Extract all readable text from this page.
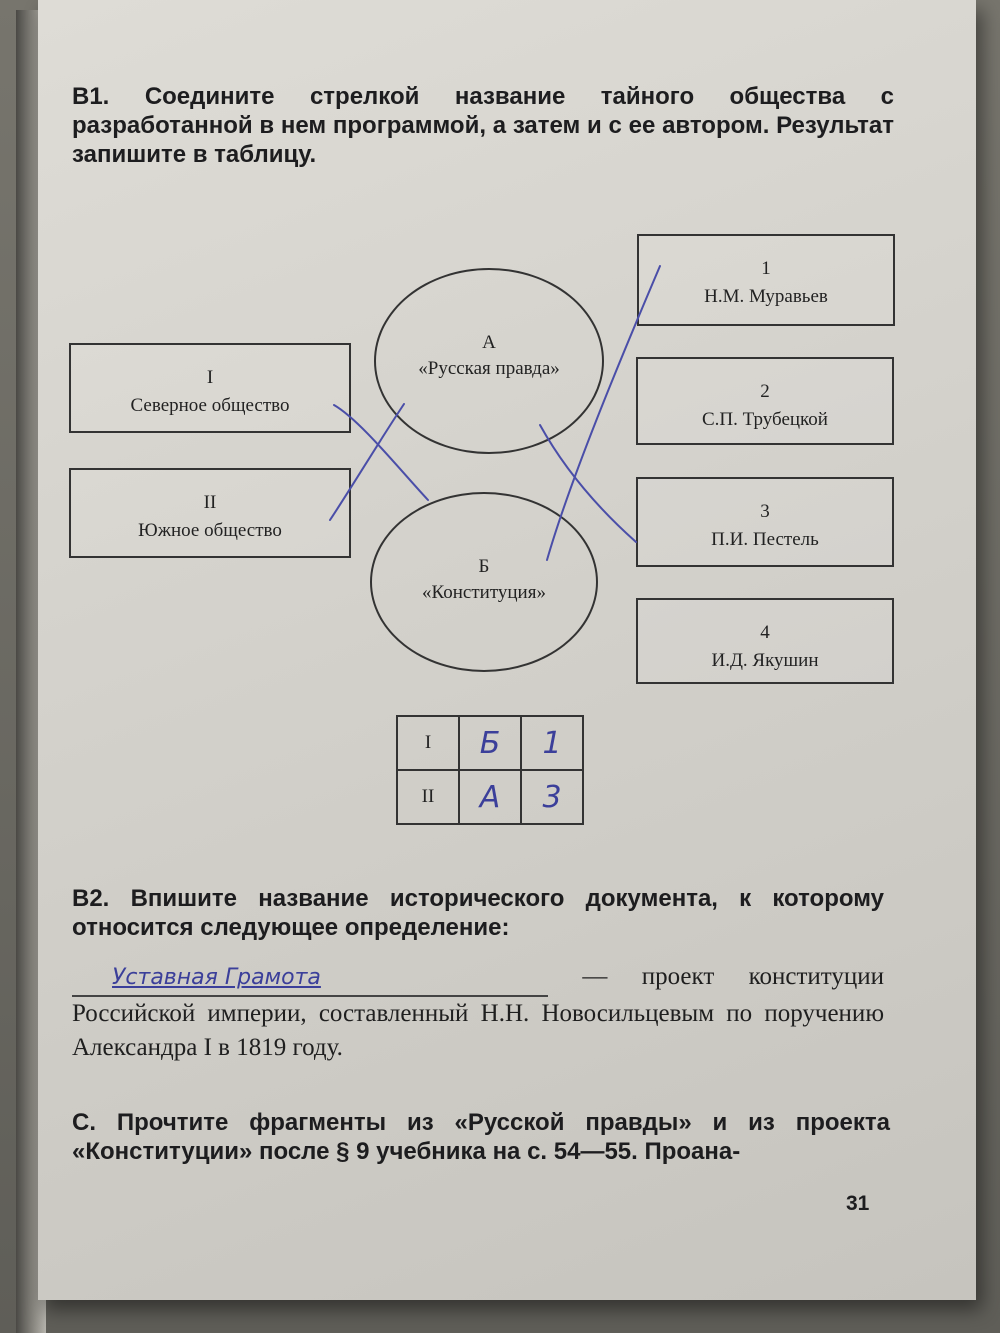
В1. Соедините стрелкой название тайного общества с разработанной в нем программой, а затем и с ее автором. Результат запишите в таблицу.
I
Северное общество
II
Южное общество
А
«Русская правда»
Б
«Конституция»
1
Н.М. Муравьев
2
С.П. Трубецкой
3
П.И. Пестель
4
И.Д. Якушин
I	Б	1
II	А	3
В2. Впишите название исторического документа, к которому относится следующее определение:
Уставная Грамота	— проект конституции Российской империи, составленный Н.Н. Новосильцевым по поручению Александра I в 1819 году.
С. Прочтите фрагменты из «Русской правды» и из проекта «Конституции» после § 9 учебника на с. 54—55. Проана-
31
